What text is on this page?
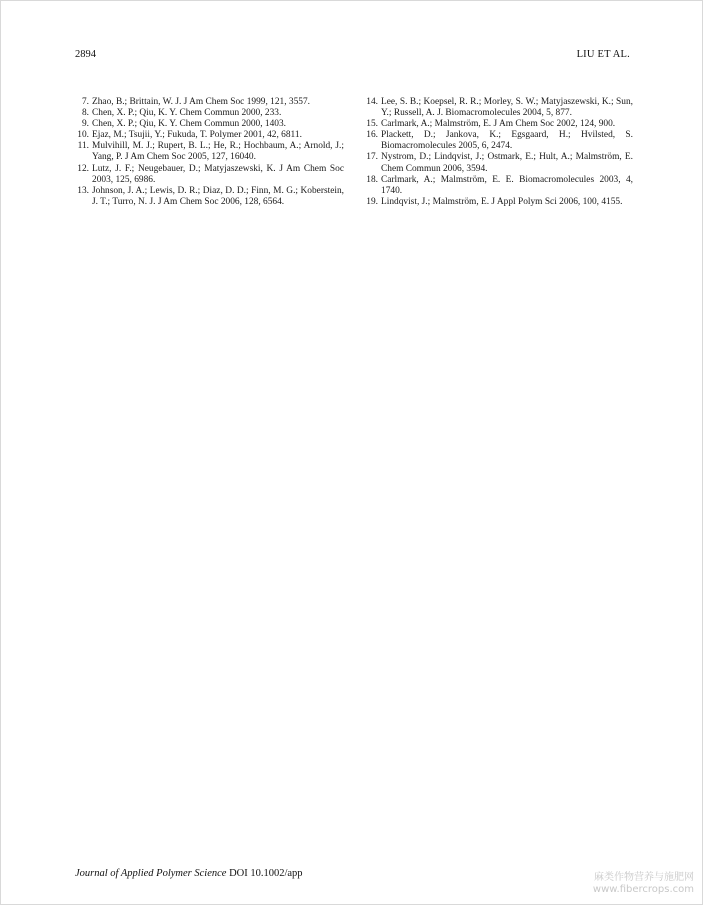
2894	LIU ET AL.
7. Zhao, B.; Brittain, W. J. J Am Chem Soc 1999, 121, 3557.
8. Chen, X. P.; Qiu, K. Y. Chem Commun 2000, 233.
9. Chen, X. P.; Qiu, K. Y. Chem Commun 2000, 1403.
10. Ejaz, M.; Tsujii, Y.; Fukuda, T. Polymer 2001, 42, 6811.
11. Mulvihill, M. J.; Rupert, B. L.; He, R.; Hochbaum, A.; Arnold, J.; Yang, P. J Am Chem Soc 2005, 127, 16040.
12. Lutz, J. F.; Neugebauer, D.; Matyjaszewski, K. J Am Chem Soc 2003, 125, 6986.
13. Johnson, J. A.; Lewis, D. R.; Diaz, D. D.; Finn, M. G.; Koberstein, J. T.; Turro, N. J. J Am Chem Soc 2006, 128, 6564.
14. Lee, S. B.; Koepsel, R. R.; Morley, S. W.; Matyjaszewski, K.; Sun, Y.; Russell, A. J. Biomacromolecules 2004, 5, 877.
15. Carlmark, A.; Malmström, E. J Am Chem Soc 2002, 124, 900.
16. Plackett, D.; Jankova, K.; Egsgaard, H.; Hvilsted, S. Biomacromolecules 2005, 6, 2474.
17. Nystrom, D.; Lindqvist, J.; Ostmark, E.; Hult, A.; Malmström, E. Chem Commun 2006, 3594.
18. Carlmark, A.; Malmström, E. E. Biomacromolecules 2003, 4, 1740.
19. Lindqvist, J.; Malmström, E. J Appl Polym Sci 2006, 100, 4155.
Journal of Applied Polymer Science DOI 10.1002/app	麻类作物营养与施肥网
www.fibercrops.com
